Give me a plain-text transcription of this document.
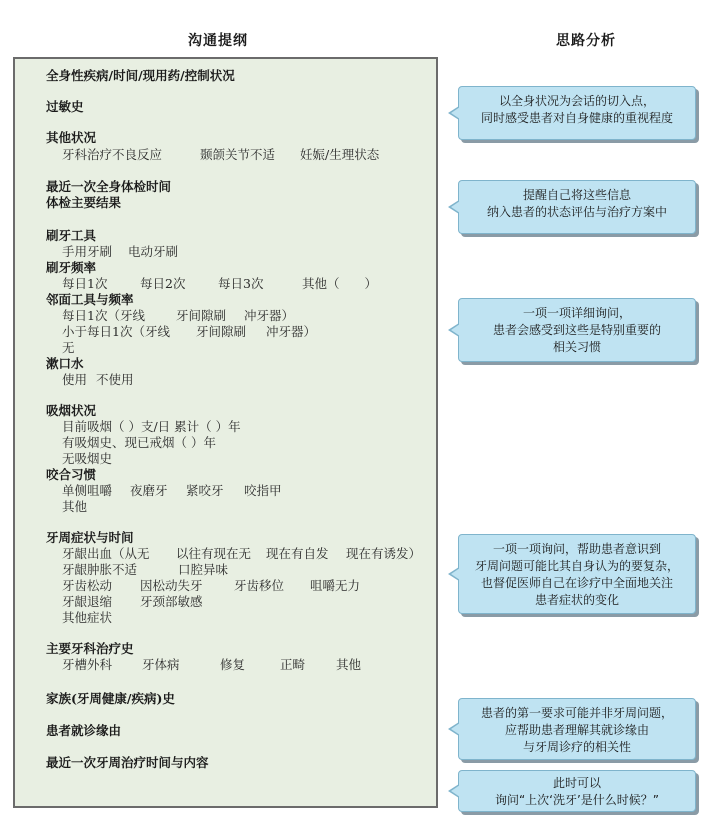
沟通提纲	思路分析
全身性疾病/时间/现用药/控制状况
过敏史
其他状况
牙科治疗不良反应	颞颌关节不适 妊娠/生理状态
最近一次全身体检时间
体检主要结果
刷牙工具
手用牙刷 电动牙刷
刷牙频率
每日1次	每日2次	每日3次	其他（　　）
邻面工具与频率
每日1次（牙线 牙间隙刷 冲牙器）
小于每日1次（牙线 牙间隙刷 冲牙器）
无
漱口水
使用 不使用
吸烟状况
目前吸烟（ ）支/日 累计（ ）年
有吸烟史、现已戒烟（ ）年
无吸烟史
咬合习惯
单侧咀嚼 夜磨牙 紧咬牙 咬指甲
其他
牙周症状与时间
牙龈出血（从无 以往有现在无 现在有自发 现在有诱发）
牙龈肿胀不适	口腔异味
牙齿松动 因松动失牙	牙齿移位 咀嚼无力
牙龈退缩 牙颈部敏感
其他症状
主要牙科治疗史
牙槽外科 牙体病	修复	正畸 其他
家族(牙周健康/疾病)史
患者就诊缘由
最近一次牙周治疗时间与内容
以全身状况为会话的切入点，
同时感受患者对自身健康的重视程度
提醒自己将这些信息
纳入患者的状态评估与治疗方案中
一项一项详细询问，
患者会感受到这些是特别重要的
相关习惯
一项一项询问，帮助患者意识到
牙周问题可能比其自身认为的要复杂，
也督促医师自己在诊疗中全面地关注
患者症状的变化
患者的第一要求可能并非牙周问题，
应帮助患者理解其就诊缘由
与牙周诊疗的相关性
此时可以
询问“上次‘洗牙’是什么时候？”
